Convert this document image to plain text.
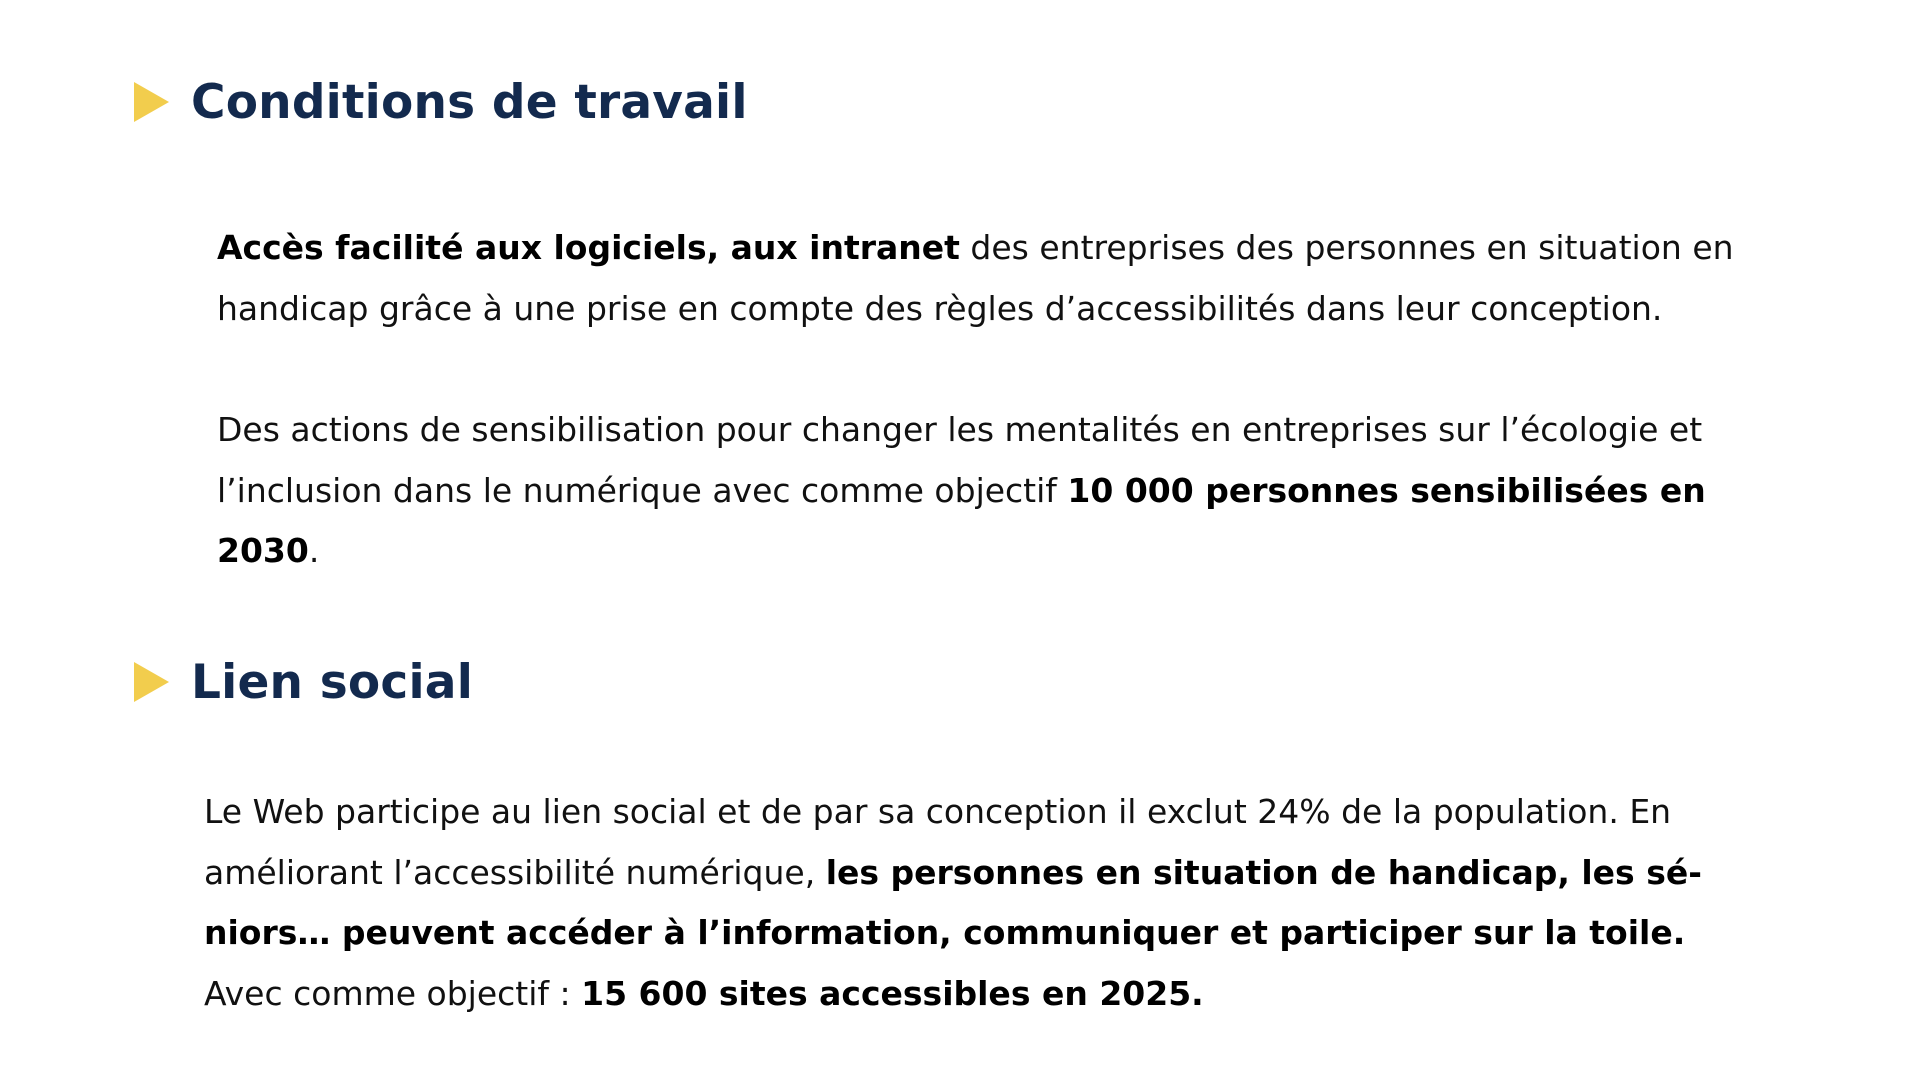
Conditions de travail
Accès facilité aux logiciels, aux intranet des entreprises des personnes en situation en
handicap grâce à une prise en compte des règles d’accessibilités dans leur conception.
Des actions de sensibilisation pour changer les mentalités en entreprises sur l’écologie et
l’inclusion dans le numérique avec comme objectif 10 000 personnes sensibilisées en
2030.
Lien social
Le Web participe au lien social et de par sa conception il exclut 24% de la population. En
améliorant l’accessibilité numérique, les personnes en situation de handicap, les sé-
niors… peuvent accéder à l’information, communiquer et participer sur la toile.
Avec comme objectif : 15 600 sites accessibles en 2025.
